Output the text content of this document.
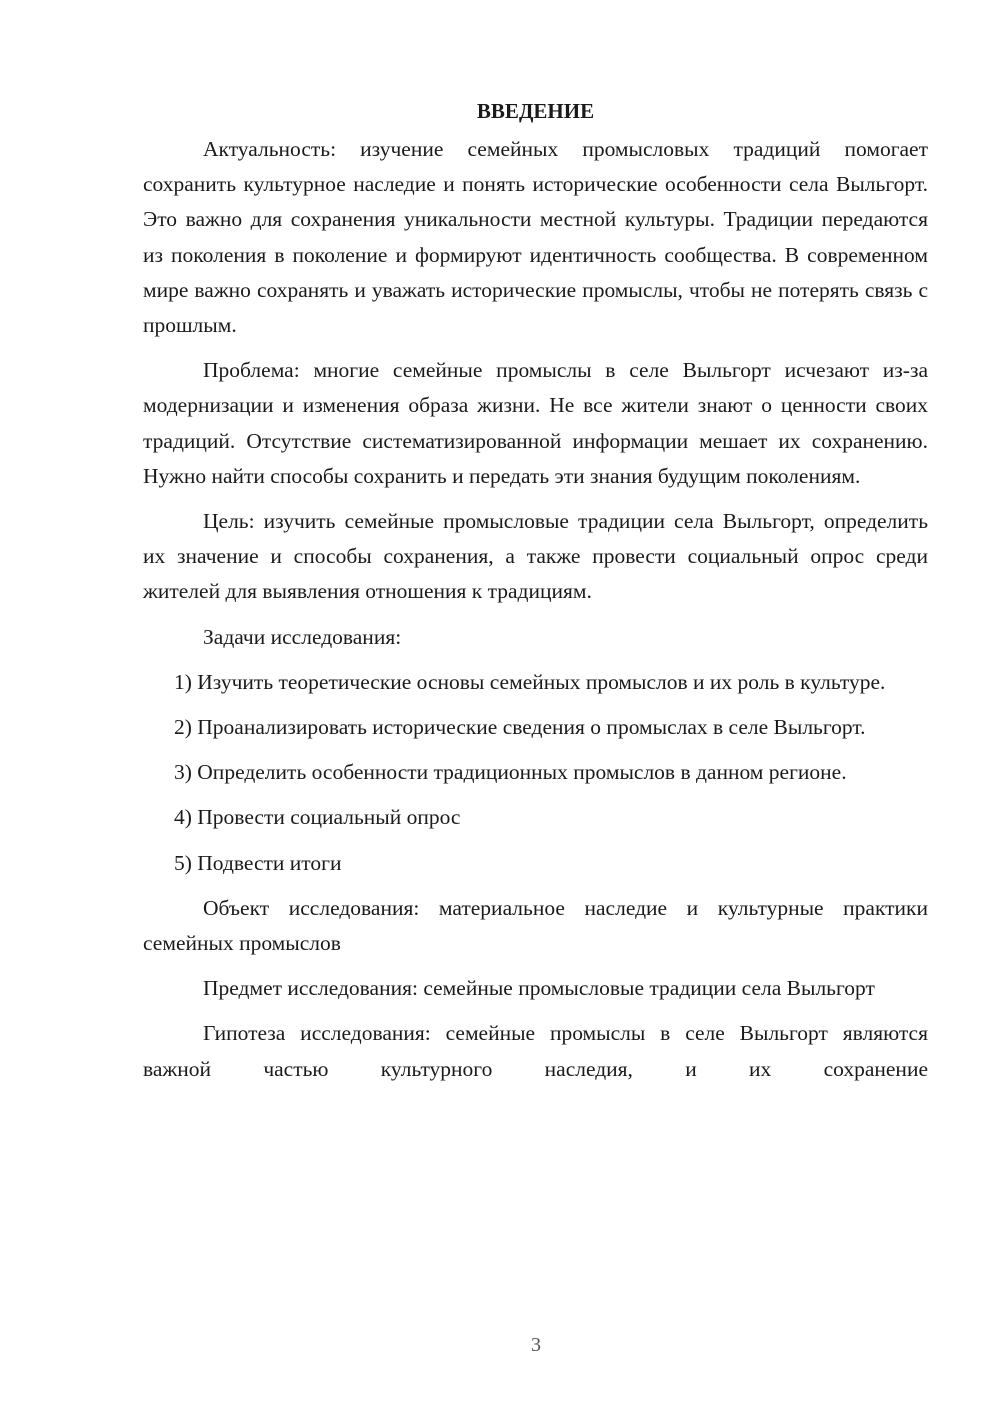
ВВЕДЕНИЕ

Актуальность: изучение семейных промысловых традиций помогает сохранить культурное наследие и понять исторические особенности села Выльгорт. Это важно для сохранения уникальности местной культуры. Традиции передаются из поколения в поколение и формируют идентичность сообщества. В современном мире важно сохранять и уважать исторические промыслы, чтобы не потерять связь с прошлым.

Проблема: многие семейные промыслы в селе Выльгорт исчезают из-за модернизации и изменения образа жизни. Не все жители знают о ценности своих традиций. Отсутствие систематизированной информации мешает их сохранению. Нужно найти способы сохранить и передать эти знания будущим поколениям.

Цель: изучить семейные промысловые традиции села Выльгорт, определить их значение и способы сохранения, а также провести социальный опрос среди жителей для выявления отношения к традициям.

Задачи исследования:

1) Изучить теоретические основы семейных промыслов и их роль в культуре.

2) Проанализировать исторические сведения о промыслах в селе Выльгорт.

3) Определить особенности традиционных промыслов в данном регионе.

4) Провести социальный опрос

5) Подвести итоги

Объект исследования: материальное наследие и культурные практики семейных промыслов

Предмет исследования: семейные промысловые традиции села Выльгорт

Гипотеза исследования: семейные промыслы в селе Выльгорт являются важной частью культурного наследия, и их сохранение

3
